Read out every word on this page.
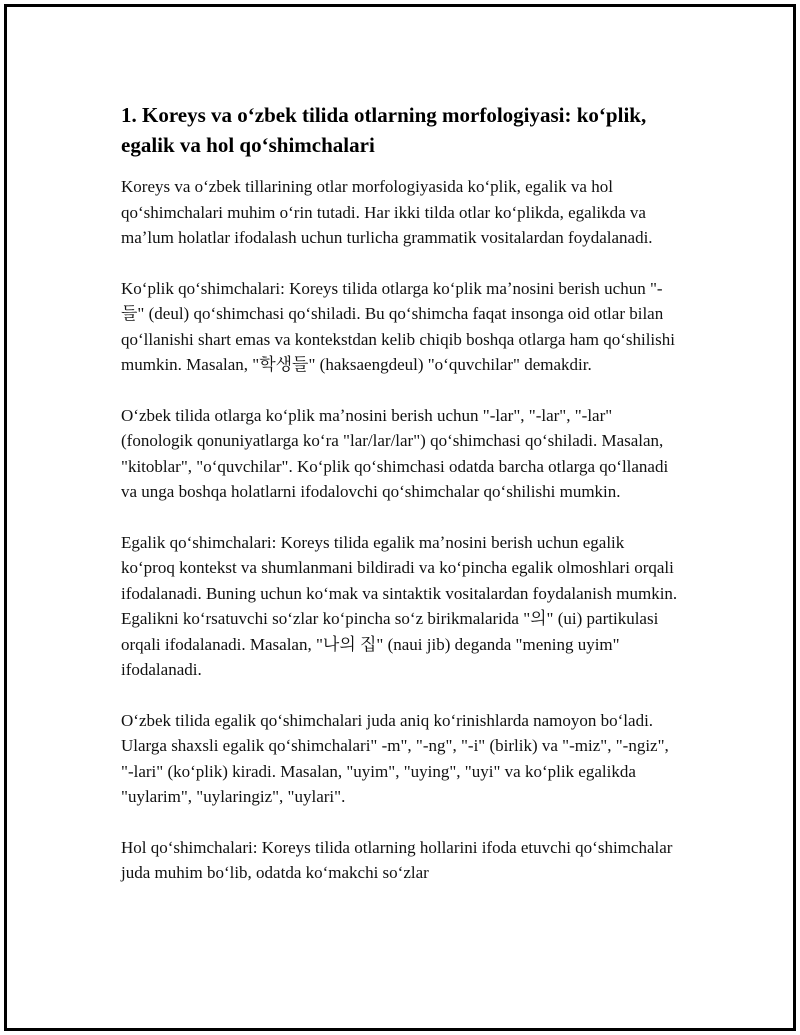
1. Koreys va oʻzbek tilida otlarning morfologiyasi: koʻplik, egalik va hol qoʻshimchalari

Koreys va oʻzbek tillarining otlar morfologiyasida koʻplik, egalik va hol qoʻshimchalari muhim oʻrin tutadi. Har ikki tilda otlar koʻplikda, egalikda va maʼlum holatlar ifodalash uchun turlicha grammatik vositalardan foydalanadi.

Koʻplik qoʻshimchalari: Koreys tilida otlarga koʻplik maʼnosini berish uchun "-들" (deul) qoʻshimchasi qoʻshiladi. Bu qoʻshimcha faqat insonga oid otlar bilan qoʻllanishi shart emas va kontekstdan kelib chiqib boshqa otlarga ham qoʻshilishi mumkin. Masalan, "학생들" (haksaengdeul) "oʻquvchilar" demakdir.

Oʻzbek tilida otlarga koʻplik maʼnosini berish uchun "-lar", "-lar", "-lar" (fonologik qonuniyatlarga koʻra "lar/lar/lar") qoʻshimchasi qoʻshiladi. Masalan, "kitoblar", "oʻquvchilar". Koʻplik qoʻshimchasi odatda barcha otlarga qoʻllanadi va unga boshqa holatlarni ifodalovchi qoʻshimchalar qoʻshilishi mumkin.

Egalik qoʻshimchalari: Koreys tilida egalik maʼnosini berish uchun egalik koʻproq kontekst va shumlanmani bildiradi va koʻpincha egalik olmoshlari orqali ifodalanadi. Buning uchun koʻmak va sintaktik vositalardan foydalanish mumkin. Egalikni koʻrsatuvchi soʻzlar koʻpincha soʻz birikmalarida "의" (ui) partikulasi orqali ifodalanadi. Masalan, "나의 집" (naui jib) deganda "mening uyim" ifodalanadi.

Oʻzbek tilida egalik qoʻshimchalari juda aniq koʻrinishlarda namoyon boʻladi. Ularga shaxsli egalik qoʻshimchalari" -m", "-ng", "-i" (birlik) va "-miz", "-ngiz", "-lari" (koʻplik) kiradi. Masalan, "uyim", "uying", "uyi" va koʻplik egalikda "uylarim", "uylaringiz", "uylari".

Hol qoʻshimchalari: Koreys tilida otlarning hollarini ifoda etuvchi qoʻshimchalar juda muhim boʻlib, odatda koʻmakchi soʻzlar
